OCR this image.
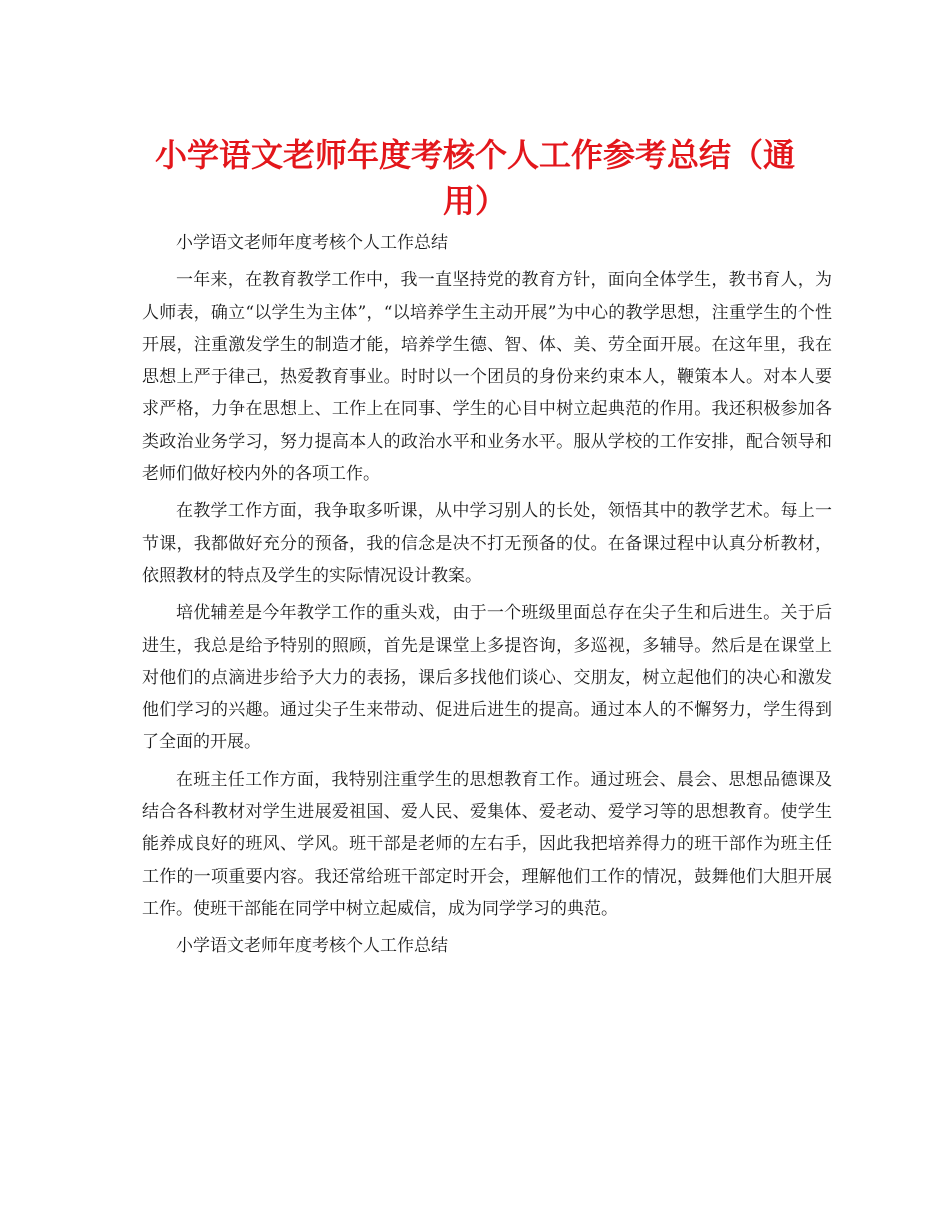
小学语文老师年度考核个人工作参考总结（通用）

小学语文老师年度考核个人工作总结

一年来，在教育教学工作中，我一直坚持党的教育方针，面向全体学生，教书育人，为人师表，确立“以学生为主体”，“以培养学生主动开展”为中心的教学思想，注重学生的个性开展，注重激发学生的制造才能，培养学生德、智、体、美、劳全面开展。在这年里，我在思想上严于律己，热爱教育事业。时时以一个团员的身份来约束本人，鞭策本人。对本人要求严格，力争在思想上、工作上在同事、学生的心目中树立起典范的作用。我还积极参加各类政治业务学习，努力提高本人的政治水平和业务水平。服从学校的工作安排，配合领导和老师们做好校内外的各项工作。

在教学工作方面，我争取多听课，从中学习别人的长处，领悟其中的教学艺术。每上一节课，我都做好充分的预备，我的信念是决不打无预备的仗。在备课过程中认真分析教材，依照教材的特点及学生的实际情况设计教案。

培优辅差是今年教学工作的重头戏，由于一个班级里面总存在尖子生和后进生。关于后进生，我总是给予特别的照顾，首先是课堂上多提咨询，多巡视，多辅导。然后是在课堂上对他们的点滴进步给予大力的表扬，课后多找他们谈心、交朋友，树立起他们的决心和激发他们学习的兴趣。通过尖子生来带动、促进后进生的提高。通过本人的不懈努力，学生得到了全面的开展。

在班主任工作方面，我特别注重学生的思想教育工作。通过班会、晨会、思想品德课及结合各科教材对学生进展爱祖国、爱人民、爱集体、爱老动、爱学习等的思想教育。使学生能养成良好的班风、学风。班干部是老师的左右手，因此我把培养得力的班干部作为班主任工作的一项重要内容。我还常给班干部定时开会，理解他们工作的情况，鼓舞他们大胆开展工作。使班干部能在同学中树立起威信，成为同学学习的典范。

小学语文老师年度考核个人工作总结
